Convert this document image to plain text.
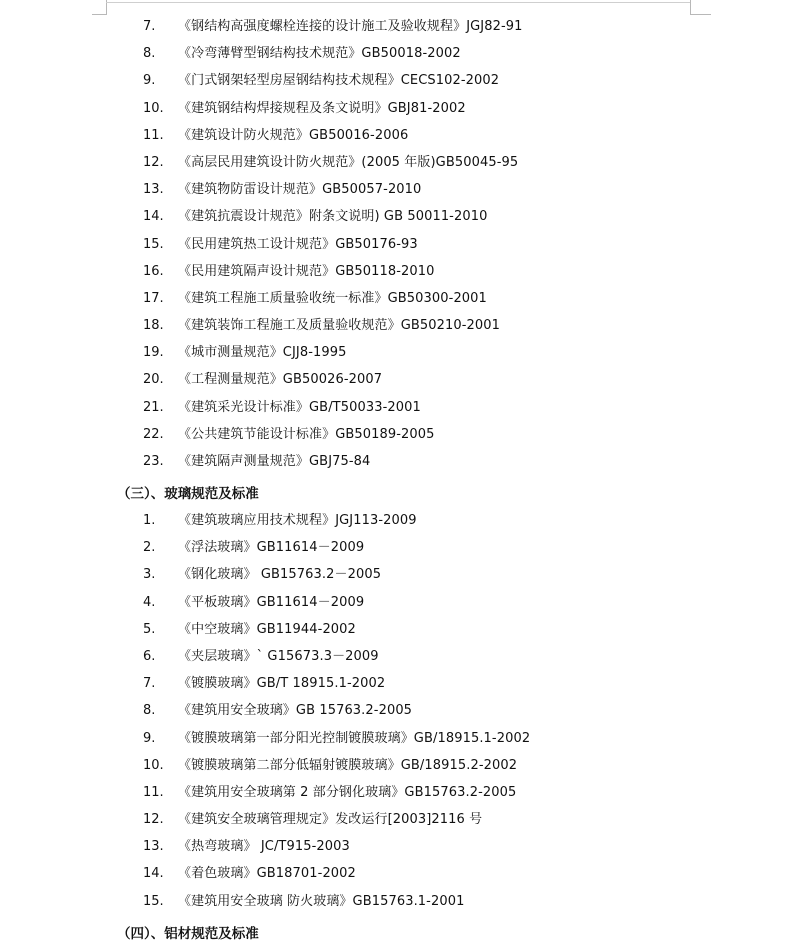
7. 《钢结构高强度螺栓连接的设计施工及验收规程》JGJ82-91
8. 《冷弯薄臂型钢结构技术规范》GB50018-2002
9. 《门式钢架轻型房屋钢结构技术规程》CECS102-2002
10. 《建筑钢结构焊接规程及条文说明》GBJ81-2002
11. 《建筑设计防火规范》GB50016-2006
12. 《高层民用建筑设计防火规范》(2005 年版)GB50045-95
13. 《建筑物防雷设计规范》GB50057-2010
14. 《建筑抗震设计规范》附条文说明) GB 50011-2010
15. 《民用建筑热工设计规范》GB50176-93
16. 《民用建筑隔声设计规范》GB50118-2010
17. 《建筑工程施工质量验收统一标准》GB50300-2001
18. 《建筑装饰工程施工及质量验收规范》GB50210-2001
19. 《城市测量规范》CJJ8-1995
20. 《工程测量规范》GB50026-2007
21. 《建筑采光设计标准》GB/T50033-2001
22. 《公共建筑节能设计标准》GB50189-2005
23. 《建筑隔声测量规范》GBJ75-84
（三）、玻璃规范及标准
1. 《建筑玻璃应用技术规程》JGJ113-2009
2. 《浮法玻璃》GB11614－2009
3. 《钢化玻璃》 GB15763.2－2005
4. 《平板玻璃》GB11614－2009
5. 《中空玻璃》GB11944-2002
6. 《夹层玻璃》` G15673.3－2009
7. 《镀膜玻璃》GB/T 18915.1-2002
8. 《建筑用安全玻璃》GB 15763.2-2005
9. 《镀膜玻璃第一部分阳光控制镀膜玻璃》GB/18915.1-2002
10. 《镀膜玻璃第二部分低辐射镀膜玻璃》GB/18915.2-2002
11. 《建筑用安全玻璃第 2 部分钢化玻璃》GB15763.2-2005
12. 《建筑安全玻璃管理规定》发改运行[2003]2116 号
13. 《热弯玻璃》 JC/T915-2003
14. 《着色玻璃》GB18701-2002
15. 《建筑用安全玻璃 防火玻璃》GB15763.1-2001
（四）、铝材规范及标准
